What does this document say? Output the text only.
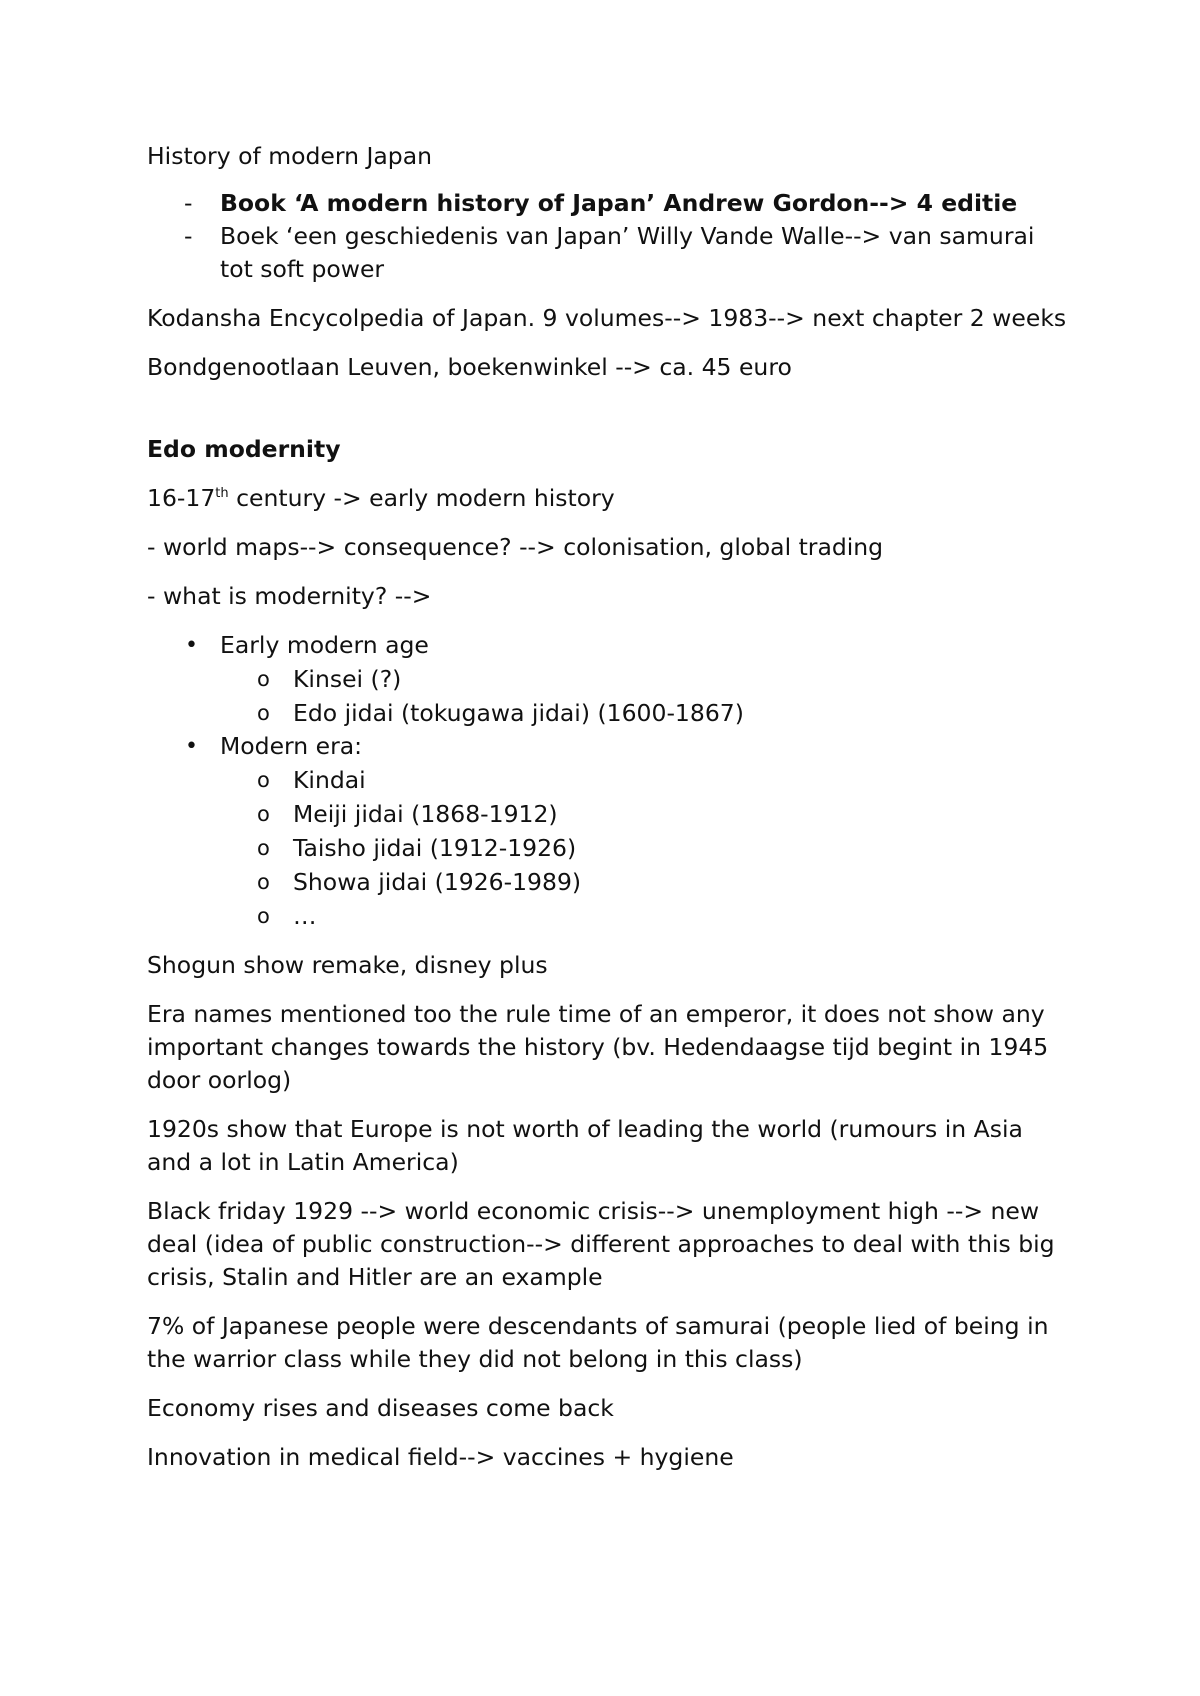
History of modern Japan

- Book ‘A modern history of Japan’ Andrew Gordon--> 4 editie
- Boek ‘een geschiedenis van Japan’ Willy Vande Walle--> van samurai tot soft power

Kodansha Encycolpedia of Japan. 9 volumes--> 1983--> next chapter 2 weeks

Bondgenootlaan Leuven, boekenwinkel --> ca. 45 euro

Edo modernity

16-17th century -> early modern history

- world maps--> consequence? --> colonisation, global trading

- what is modernity? -->

• Early modern age
o Kinsei (?)
o Edo jidai (tokugawa jidai) (1600-1867)
• Modern era:
o Kindai
o Meiji jidai (1868-1912)
o Taisho jidai (1912-1926)
o Showa jidai (1926-1989)
o …

Shogun show remake, disney plus

Era names mentioned too the rule time of an emperor, it does not show any important changes towards the history (bv. Hedendaagse tijd begint in 1945 door oorlog)

1920s show that Europe is not worth of leading the world (rumours in Asia and a lot in Latin America)

Black friday 1929 --> world economic crisis--> unemployment high --> new deal (idea of public construction--> different approaches to deal with this big crisis, Stalin and Hitler are an example

7% of Japanese people were descendants of samurai (people lied of being in the warrior class while they did not belong in this class)

Economy rises and diseases come back

Innovation in medical field--> vaccines + hygiene
